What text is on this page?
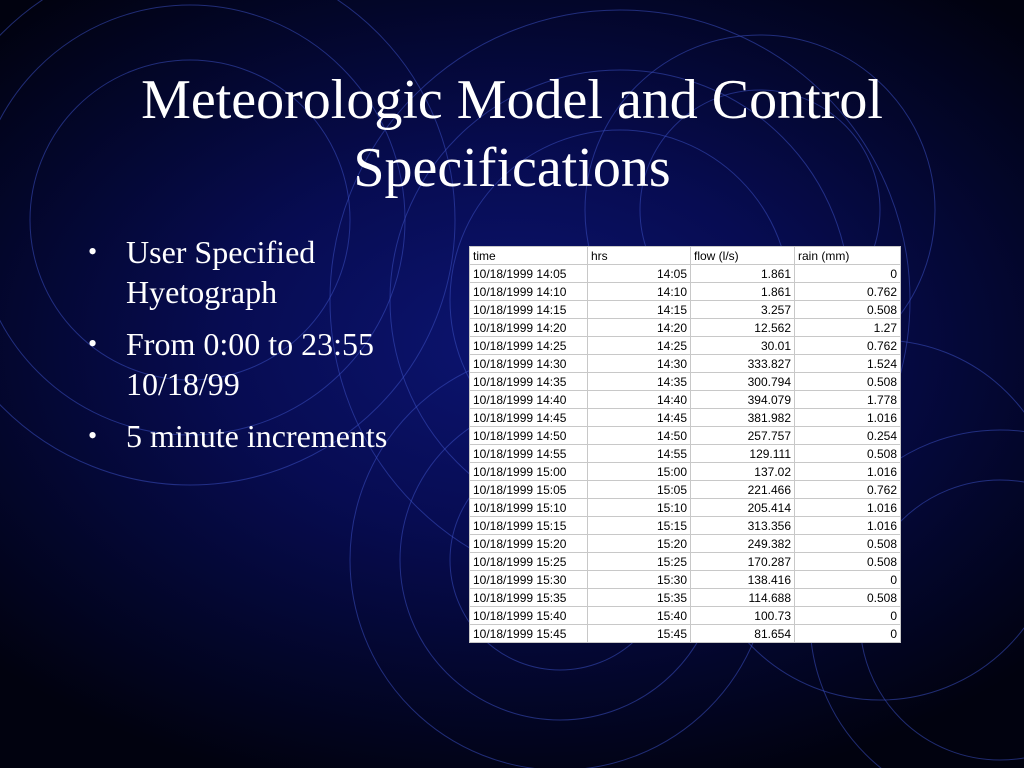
Meteorologic Model and Control
Specifications
• User Specified Hyetograph
• From 0:00 to 23:55 10/18/99
• 5 minute increments
time	hrs	flow (l/s)	rain (mm)
10/18/1999 14:05	14:05	1.861	0
10/18/1999 14:10	14:10	1.861	0.762
10/18/1999 14:15	14:15	3.257	0.508
10/18/1999 14:20	14:20	12.562	1.27
10/18/1999 14:25	14:25	30.01	0.762
10/18/1999 14:30	14:30	333.827	1.524
10/18/1999 14:35	14:35	300.794	0.508
10/18/1999 14:40	14:40	394.079	1.778
10/18/1999 14:45	14:45	381.982	1.016
10/18/1999 14:50	14:50	257.757	0.254
10/18/1999 14:55	14:55	129.111	0.508
10/18/1999 15:00	15:00	137.02	1.016
10/18/1999 15:05	15:05	221.466	0.762
10/18/1999 15:10	15:10	205.414	1.016
10/18/1999 15:15	15:15	313.356	1.016
10/18/1999 15:20	15:20	249.382	0.508
10/18/1999 15:25	15:25	170.287	0.508
10/18/1999 15:30	15:30	138.416	0
10/18/1999 15:35	15:35	114.688	0.508
10/18/1999 15:40	15:40	100.73	0
10/18/1999 15:45	15:45	81.654	0
